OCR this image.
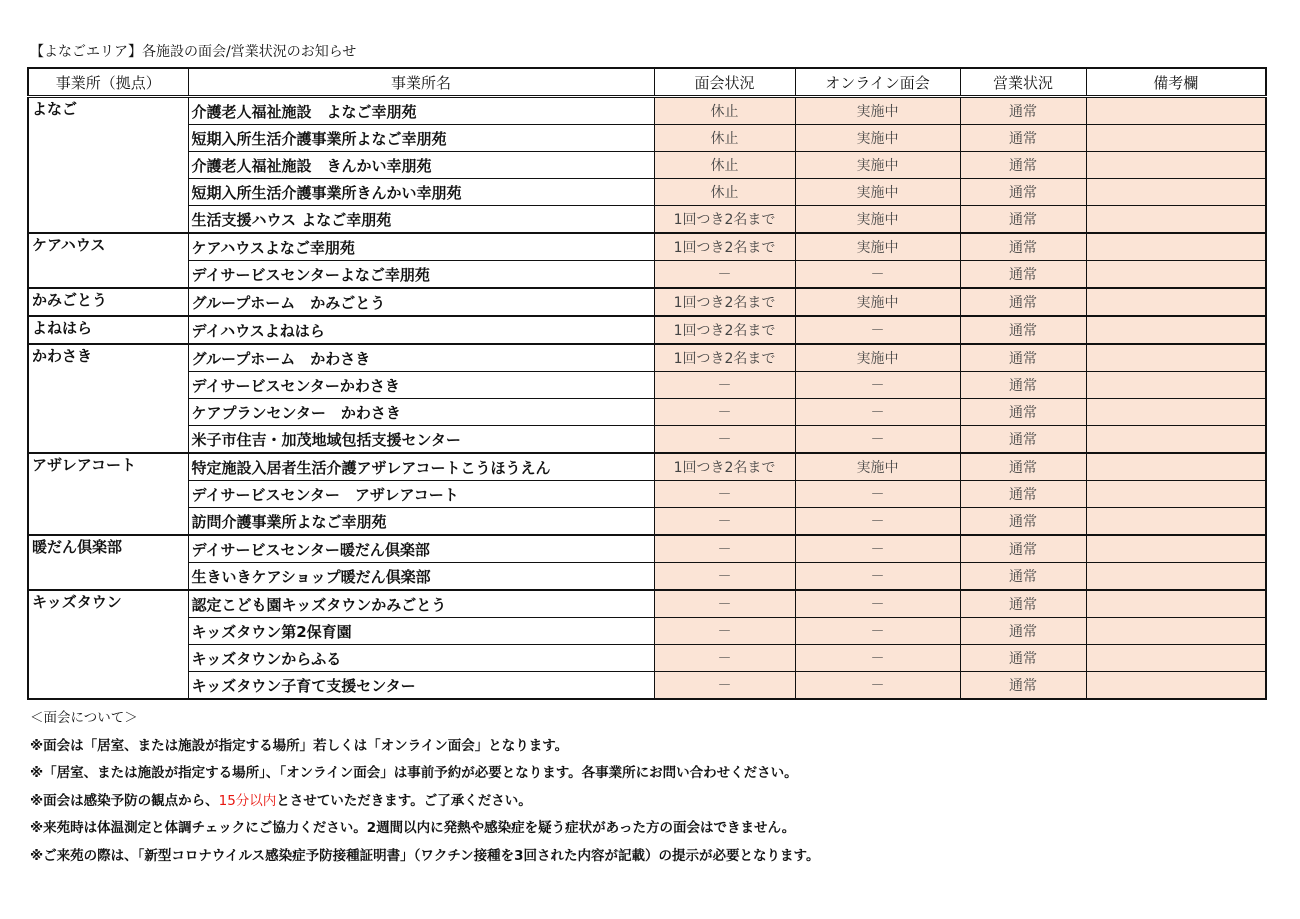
【よなごエリア】各施設の面会/営業状況のお知らせ
事業所（拠点）	事業所名	面会状況	オンライン面会	営業状況	備考欄
よなご	介護老人福祉施設　よなご幸朋苑	休止	実施中	通常	
	短期入所生活介護事業所よなご幸朋苑	休止	実施中	通常	
	介護老人福祉施設　きんかい幸朋苑	休止	実施中	通常	
	短期入所生活介護事業所きんかい幸朋苑	休止	実施中	通常	
	生活支援ハウス よなご幸朋苑	1回つき2名まで	実施中	通常	
ケアハウス	ケアハウスよなご幸朋苑	1回つき2名まで	実施中	通常	
	デイサービスセンターよなご幸朋苑	－	－	通常	
かみごとう	グループホーム　かみごとう	1回つき2名まで	実施中	通常	
よねはら	デイハウスよねはら	1回つき2名まで	－	通常	
かわさき	グループホーム　かわさき	1回つき2名まで	実施中	通常	
	デイサービスセンターかわさき	－	－	通常	
	ケアプランセンター　かわさき	－	－	通常	
	米子市住吉・加茂地域包括支援センター	－	－	通常	
アザレアコート	特定施設入居者生活介護アザレアコートこうほうえん	1回つき2名まで	実施中	通常	
	デイサービスセンター　アザレアコート	－	－	通常	
	訪問介護事業所よなご幸朋苑	－	－	通常	
暖だん倶楽部	デイサービスセンター暖だん倶楽部	－	－	通常	
	生きいきケアショップ暖だん倶楽部	－	－	通常	
キッズタウン	認定こども園キッズタウンかみごとう	－	－	通常	
	キッズタウン第2保育園	－	－	通常	
	キッズタウンからふる	－	－	通常	
	キッズタウン子育て支援センター	－	－	通常	
＜面会について＞
※面会は「居室、または施設が指定する場所」若しくは「オンライン面会」となります。
※「居室、または施設が指定する場所」、「オンライン面会」は事前予約が必要となります。各事業所にお問い合わせください。
※面会は感染予防の観点から、15分以内とさせていただきます。ご了承ください。
※来苑時は体温測定と体調チェックにご協力ください。2週間以内に発熱や感染症を疑う症状があった方の面会はできません。
※ご来苑の際は、「新型コロナウイルス感染症予防接種証明書」（ワクチン接種を3回された内容が記載）の提示が必要となります。
